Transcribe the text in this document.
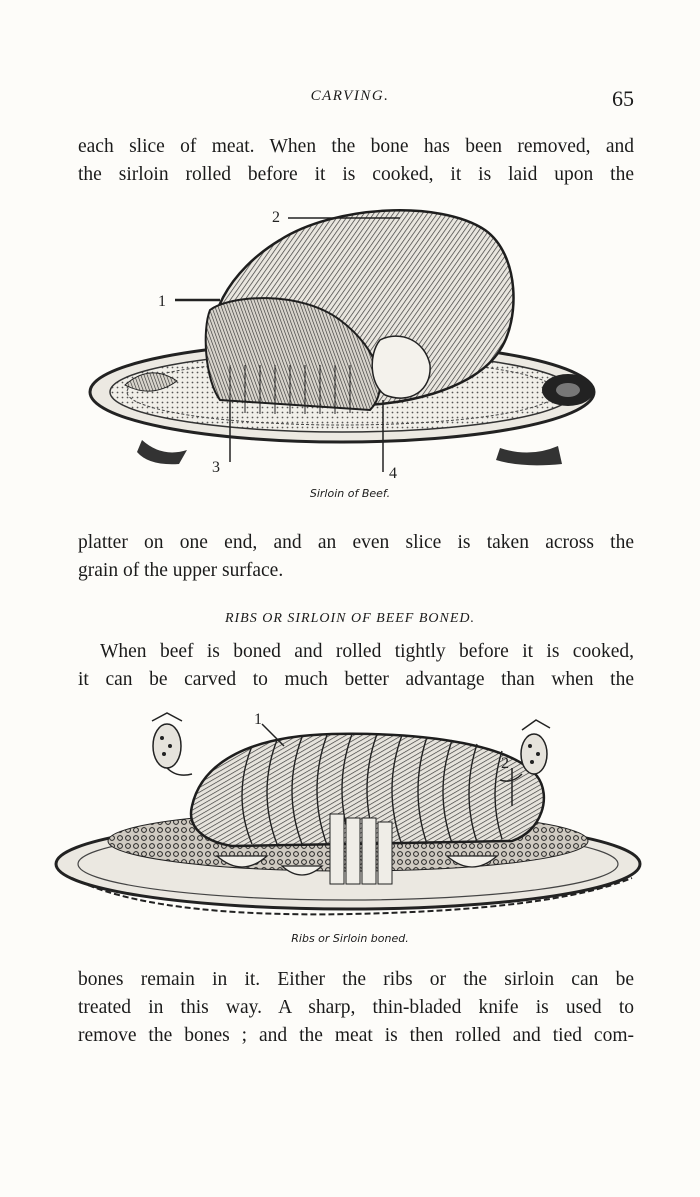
CARVING.	65

each slice of meat. When the bone has been removed, and
the sirloin rolled before it is cooked, it is laid upon the

2
1
3	4
Sirloin of Beef.

platter on one end, and an even slice is taken across the
grain of the upper surface.

RIBS OR SIRLOIN OF BEEF BONED.

When beef is boned and rolled tightly before it is cooked,
it can be carved to much better advantage than when the

1
2
Ribs or Sirloin boned.

bones remain in it. Either the ribs or the sirloin can be
treated in this way. A sharp, thin-bladed knife is used to
remove the bones ; and the meat is then rolled and tied com-
